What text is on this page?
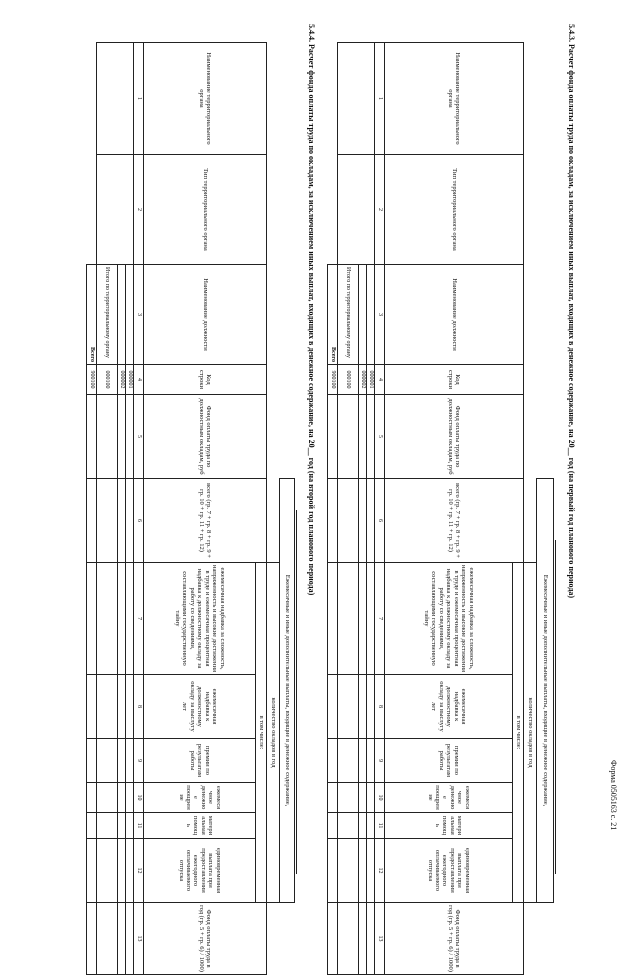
Форма 0505163 с. 21
5.4.3. Расчет фонда оплаты труда по окладам, за исключением иных выплат, входящих в денежное содержание, на 20__ год (на первый год планового периода)
					Ежемесячные и иные дополнительные выплаты, входящие в денежное содержание,							
						количество окладов в год						
Наименование территориального органа	Тип территориального органа	Наименование должности	Код строки	Фонд оплаты труда по должностным окладам, руб	всего (гр. 7 + гр. 8 + гр. 9 + гр. 10 + гр. 11 + гр. 12)	в том числе:						Фонд оплаты труда в год (гр. 5 + гр. 6) / 1000)
						ежемесячная надбавка за сложность, напряженность и высокие достижения в труде и ежемесячная процентная надбавка к должностному окладу за работу со сведениями, составляющими государственную тайну	ежемесячная надбавка к должностному окладу за выслугу лет	премии по результатам работы	ежемесячное денежное поощрение	материальная помощь	единовременная выплата при предоставлении ежегодного оплачиваемого отпуска	
1	2	3	4	5	6	7	8	9	10	11	12	13
			000001									
			000002									
		Итого по территориальному органу	000100									
		Всего	900100									
5.4.4. Расчет фонда оплаты труда по окладам, за исключением иных выплат, входящих в денежное содержание, на 20__ год (на второй год планового периода)
					Ежемесячные и иные дополнительные выплаты, входящие в денежное содержание,							
						количество окладов в год						
Наименование территориального органа	Тип территориального органа	Наименование должности	Код строки	Фонд оплаты труда по должностным окладам, руб	всего (гр. 7 + гр. 8 + гр. 9 + гр. 10 + гр. 11 + гр. 12)	в том числе:						Фонд оплаты труда в год (гр. 5 + гр. 6) / 1000)
						ежемесячная надбавка за сложность, напряженность и высокие достижения в труде и ежемесячная процентная надбавка к должностному окладу за работу со сведениями, составляющими государственную тайну	ежемесячная надбавка к должностному окладу за выслугу лет	премии по результатам работы	ежемесячное денежное поощрение	материальная помощь	единовременная выплата при предоставлении ежегодного оплачиваемого отпуска	
1	2	3	4	5	6	7	8	9	10	11	12	13
			000001									
			000002									
		Итого по территориальному органу	000100									
		Всего	900100									
